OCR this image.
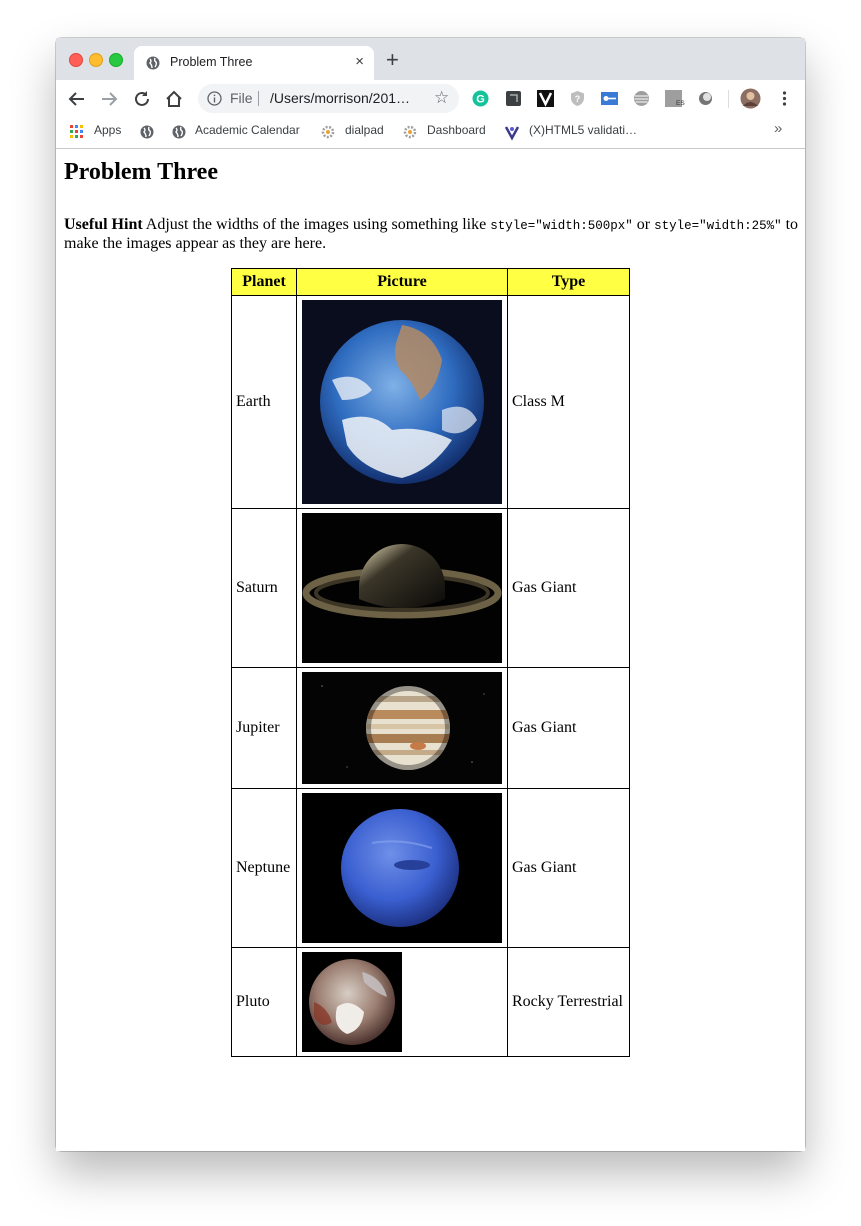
Problem Three	× +
File /Users/morrison/201… ☆ G	?	ES
Apps	Academic Calendar	dialpad	Dashboard	(X)HTML5 validati…	»
Problem Three

Useful Hint Adjust the widths of the images using something like style="width:500px" or style="width:25%" to make the images appear as they are here.

Planet	Picture	Type
Earth		Class M
Saturn		Gas Giant
Jupiter		Gas Giant
Neptune		Gas Giant
Pluto		Rocky Terrestrial
